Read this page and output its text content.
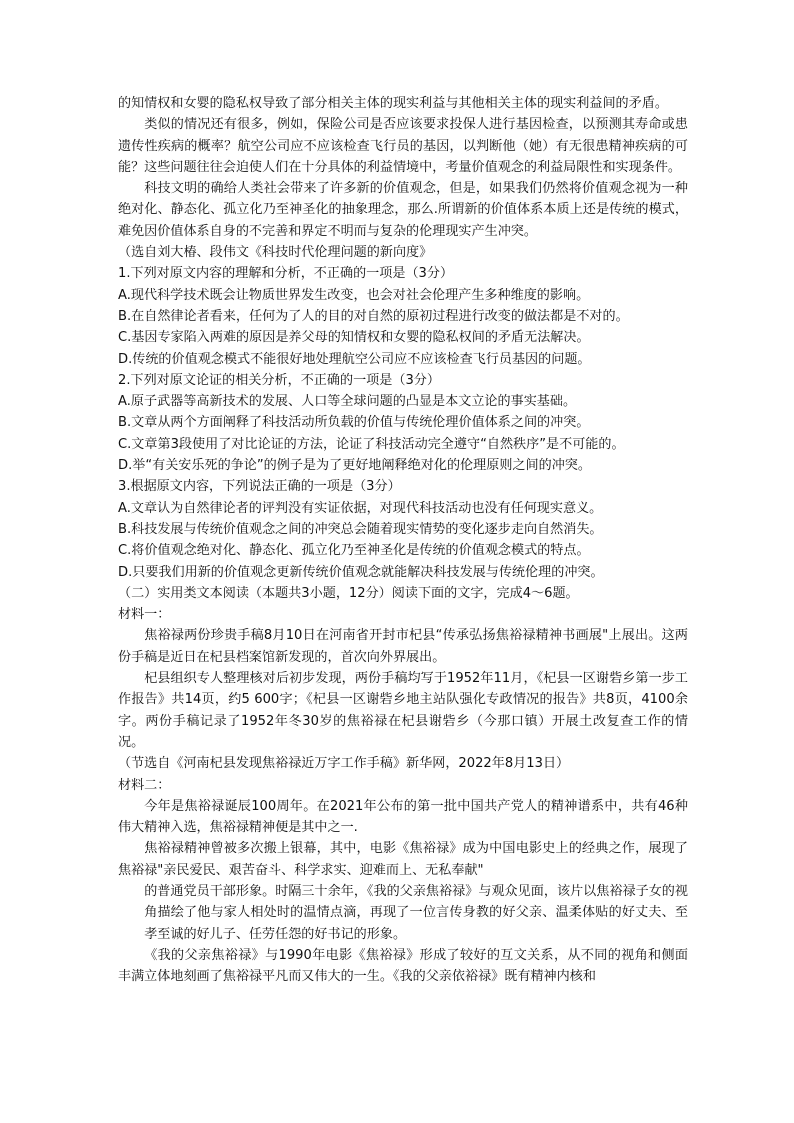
的知情权和女婴的隐私权导致了部分相关主体的现实利益与其他相关主体的现实利益间的矛盾。

类似的情况还有很多，例如，保险公司是否应该要求投保人进行基因检查，以预测其寿命或患遗传性疾病的概率？航空公司应不应该检查飞行员的基因，以判断他（她）有无很患精神疾病的可能？这些问题往往会迫使人们在十分具体的利益情境中，考量价值观念的利益局限性和实现条件。

科技文明的确给人类社会带来了许多新的价值观念，但是，如果我们仍然将价值观念视为一种绝对化、静态化、孤立化乃至神圣化的抽象理念，那么.所谓新的价值体系本质上还是传统的模式，难免因价值体系自身的不完善和界定不明而与复杂的伦理现实产生冲突。

（选自刘大椿、段伟文《科技时代伦理问题的新向度》

1.下列对原文内容的理解和分析，不正确的一项是（3分）

A.现代科学技术既会让物质世界发生改变，也会对社会伦理产生多种维度的影响。

B.在自然律论者看来，任何为了人的目的对自然的原初过程进行改变的做法都是不对的。

C.基因专家陷入两难的原因是养父母的知情权和女婴的隐私权间的矛盾无法解决。

D.传统的价值观念模式不能很好地处理航空公司应不应该检查飞行员基因的问题。

2.下列对原文论证的相关分析，不正确的一项是（3分）

A.原子武器等高新技术的发展、人口等全球问题的凸显是本文立论的事实基础。

B.文章从两个方面阐释了科技活动所负载的价值与传统伦理价值体系之间的冲突。

C.文章第3段使用了对比论证的方法，论证了科技活动完全遵守“自然秩序”是不可能的。

D.举“有关安乐死的争论”的例子是为了更好地阐释绝对化的伦理原则之间的冲突。

3.根据原文内容，下列说法正确的一项是（3分）

A.文章认为自然律论者的评判没有实证依据，对现代科技活动也没有任何现实意义。

B.科技发展与传统价值观念之间的冲突总会随着现实情势的变化逐步走向自然消失。

C.将价值观念绝对化、静态化、孤立化乃至神圣化是传统的价值观念模式的特点。

D.只要我们用新的价值观念更新传统价值观念就能解决科技发展与传统伦理的冲突。

（二）实用类文本阅读（本题共3小题，12分）阅读下面的文字，完成4～6题。

材料一：

焦裕禄两份珍贵手稿8月10日在河南省开封市杞县“传承弘扬焦裕禄精神书画展"上展出。这两份手稿是近日在杞县档案馆新发现的，首次向外界展出。

杞县组织专人整理核对后初步发现，两份手稿均写于1952年11月，《杞县一区谢砦乡第一步工作报告》共14页，约5 600字；《杞县一区谢砦乡地主站队强化专政情况的报告》共8页，4100余字。两份手稿记录了1952年冬30岁的焦裕禄在杞县谢砦乡（今那口镇）开展土改复查工作的情况。

（节选自《河南杞县发现焦裕禄近万字工作手稿》新华网，2022年8月13日）

材料二：

今年是焦裕禄诞辰100周年。在2021年公布的第一批中国共产党人的精神谱系中，共有46种伟大精神入选，焦裕禄精神便是其中之一.

焦裕禄精神曾被多次搬上银幕，其中，电影《焦裕禄》成为中国电影史上的经典之作，展现了焦裕禄"亲民爱民、艰苦奋斗、科学求实、迎难而上、无私奉献"

的普通党员干部形象。时隔三十余年，《我的父亲焦裕禄》与观众见面，该片以焦裕禄子女的视角描绘了他与家人相处时的温情点滴，再现了一位言传身教的好父亲、温柔体贴的好丈夫、至孝至诚的好儿子、任劳任怨的好书记的形象。

《我的父亲焦裕禄》与1990年电影《焦裕禄》形成了较好的互文关系，从不同的视角和侧面丰满立体地刻画了焦裕禄平凡而又伟大的一生。《我的父亲依裕禄》既有精神内核和
